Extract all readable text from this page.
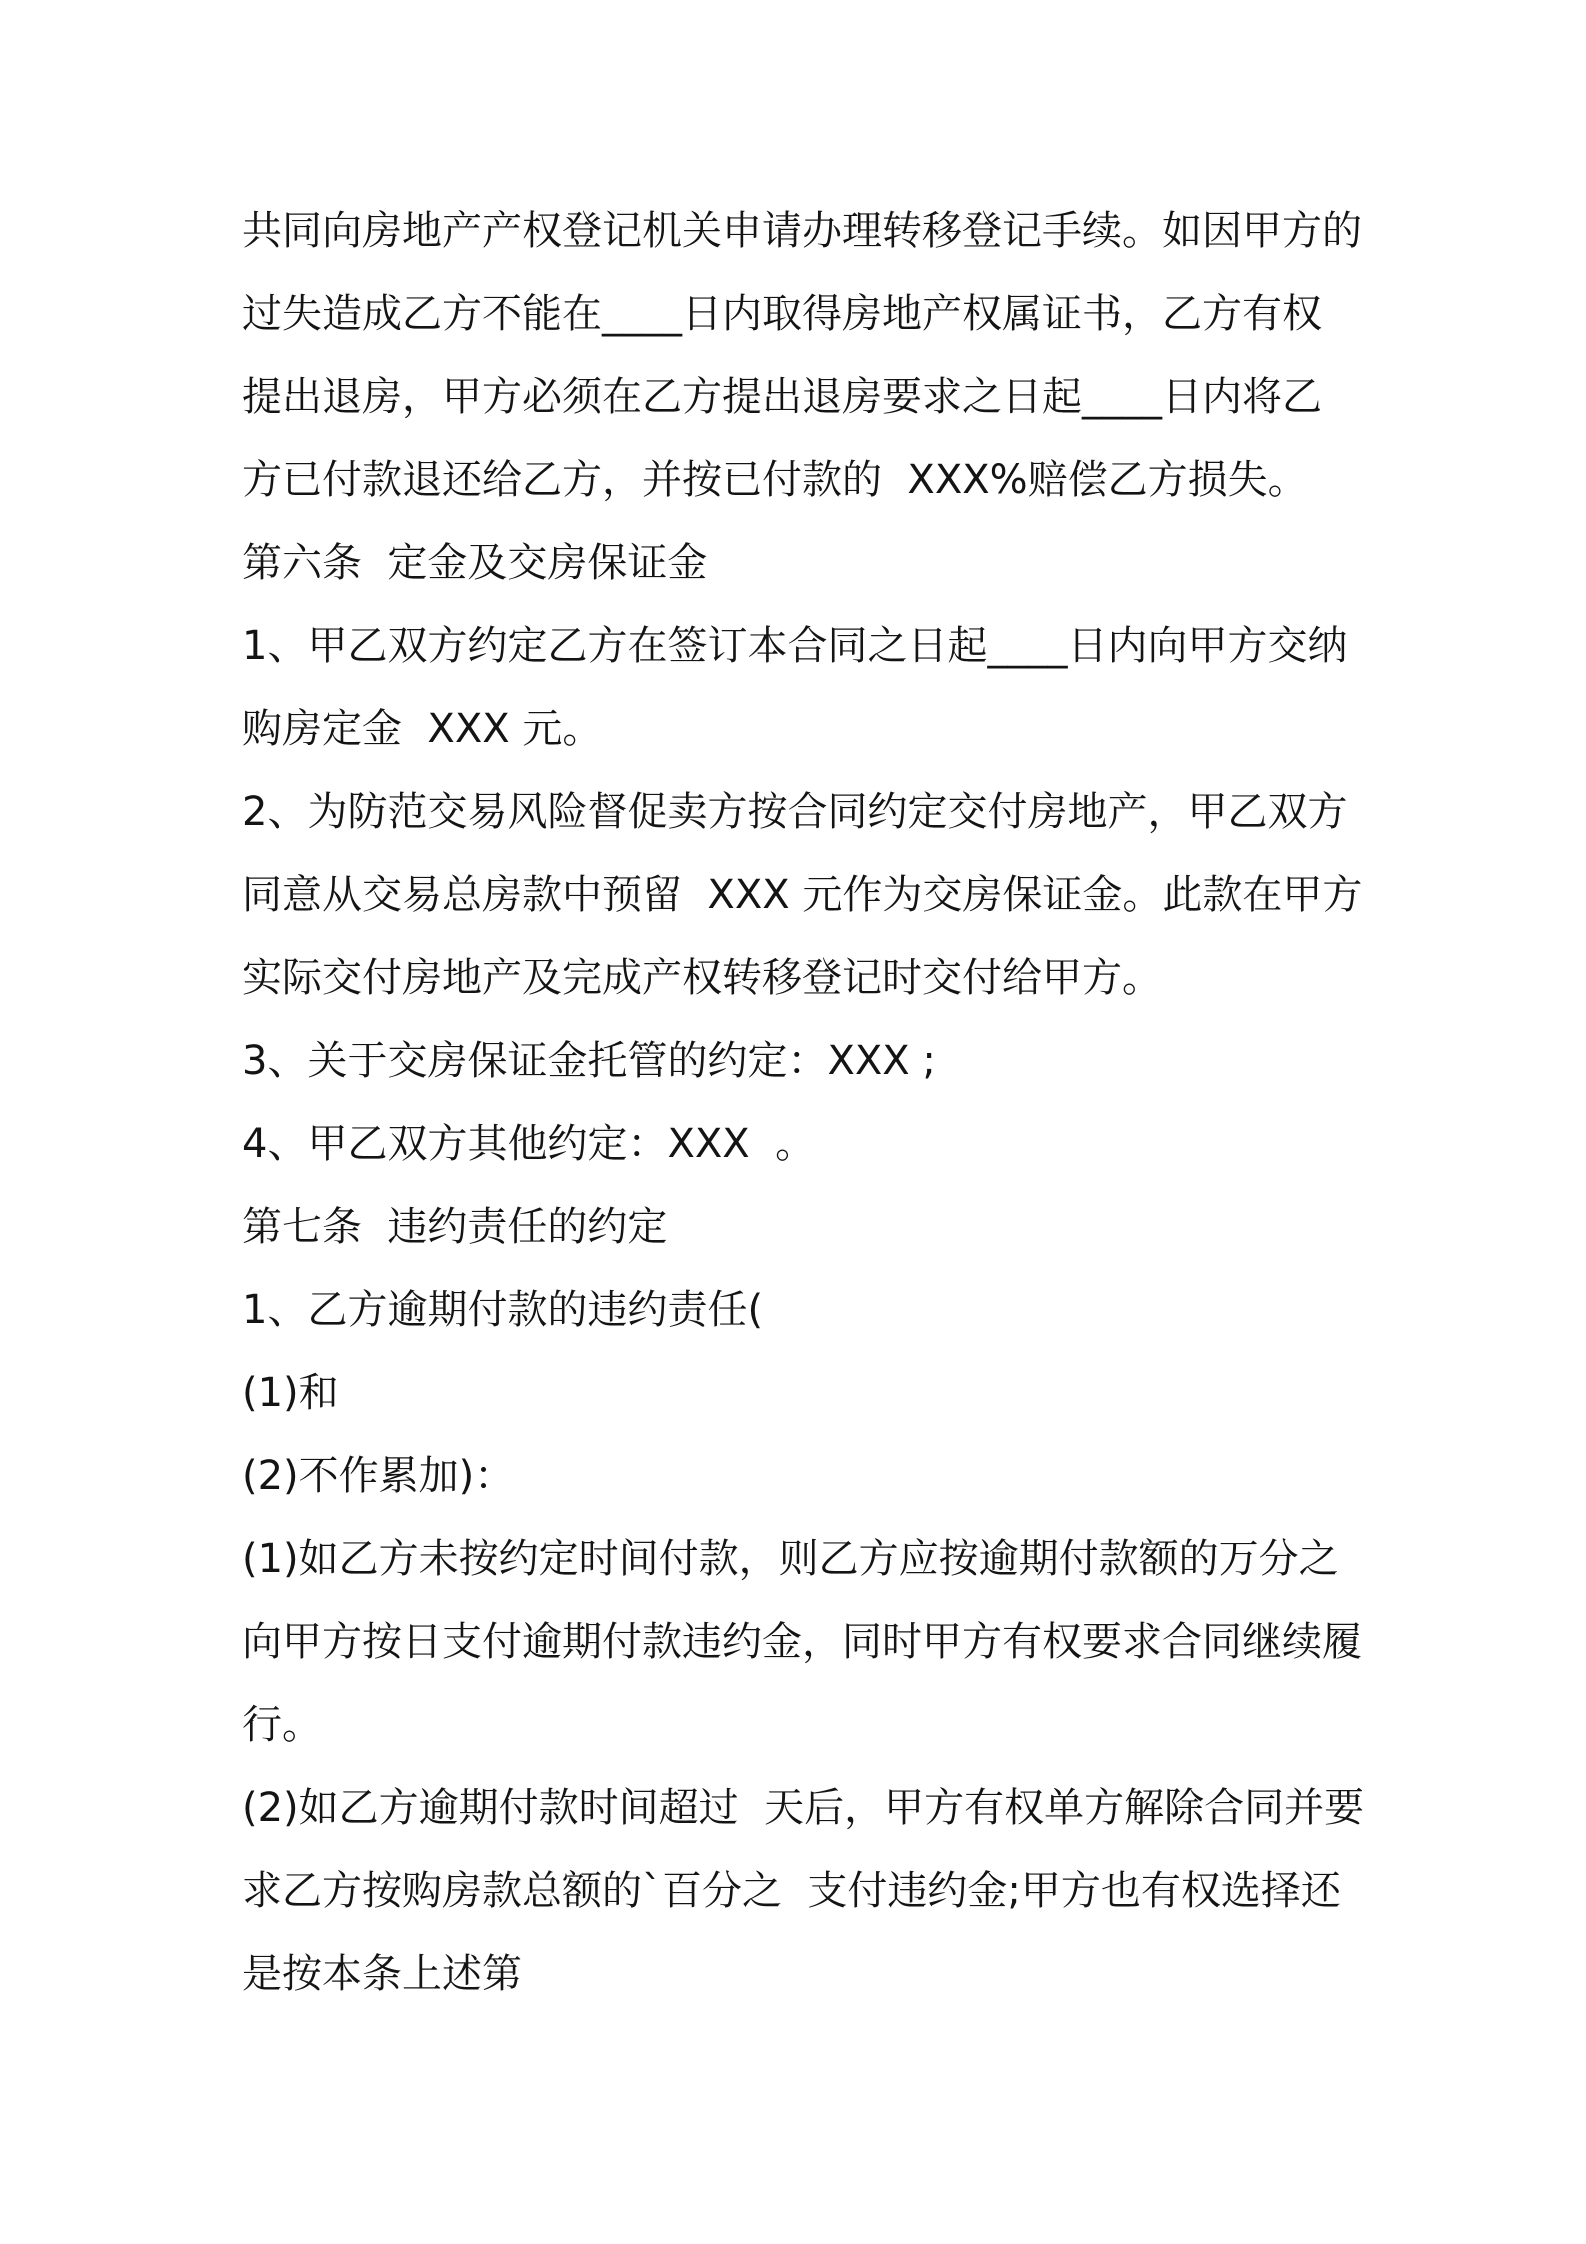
共同向房地产产权登记机关申请办理转移登记手续。如因甲方的
过失造成乙方不能在____日内取得房地产权属证书，乙方有权
提出退房，甲方必须在乙方提出退房要求之日起____日内将乙
方已付款退还给乙方，并按已付款的  XXX%赔偿乙方损失。
第六条  定金及交房保证金
1、甲乙双方约定乙方在签订本合同之日起____日内向甲方交纳
购房定金  XXX 元。
2、为防范交易风险督促卖方按合同约定交付房地产，甲乙双方
同意从交易总房款中预留  XXX 元作为交房保证金。此款在甲方
实际交付房地产及完成产权转移登记时交付给甲方。
3、关于交房保证金托管的约定：XXX ;
4、甲乙双方其他约定：XXX  。
第七条  违约责任的约定
1、乙方逾期付款的违约责任(
(1)和
(2)不作累加)：
(1)如乙方未按约定时间付款，则乙方应按逾期付款额的万分之
向甲方按日支付逾期付款违约金，同时甲方有权要求合同继续履
行。
(2)如乙方逾期付款时间超过  天后，甲方有权单方解除合同并要
求乙方按购房款总额的`百分之  支付违约金;甲方也有权选择还
是按本条上述第
